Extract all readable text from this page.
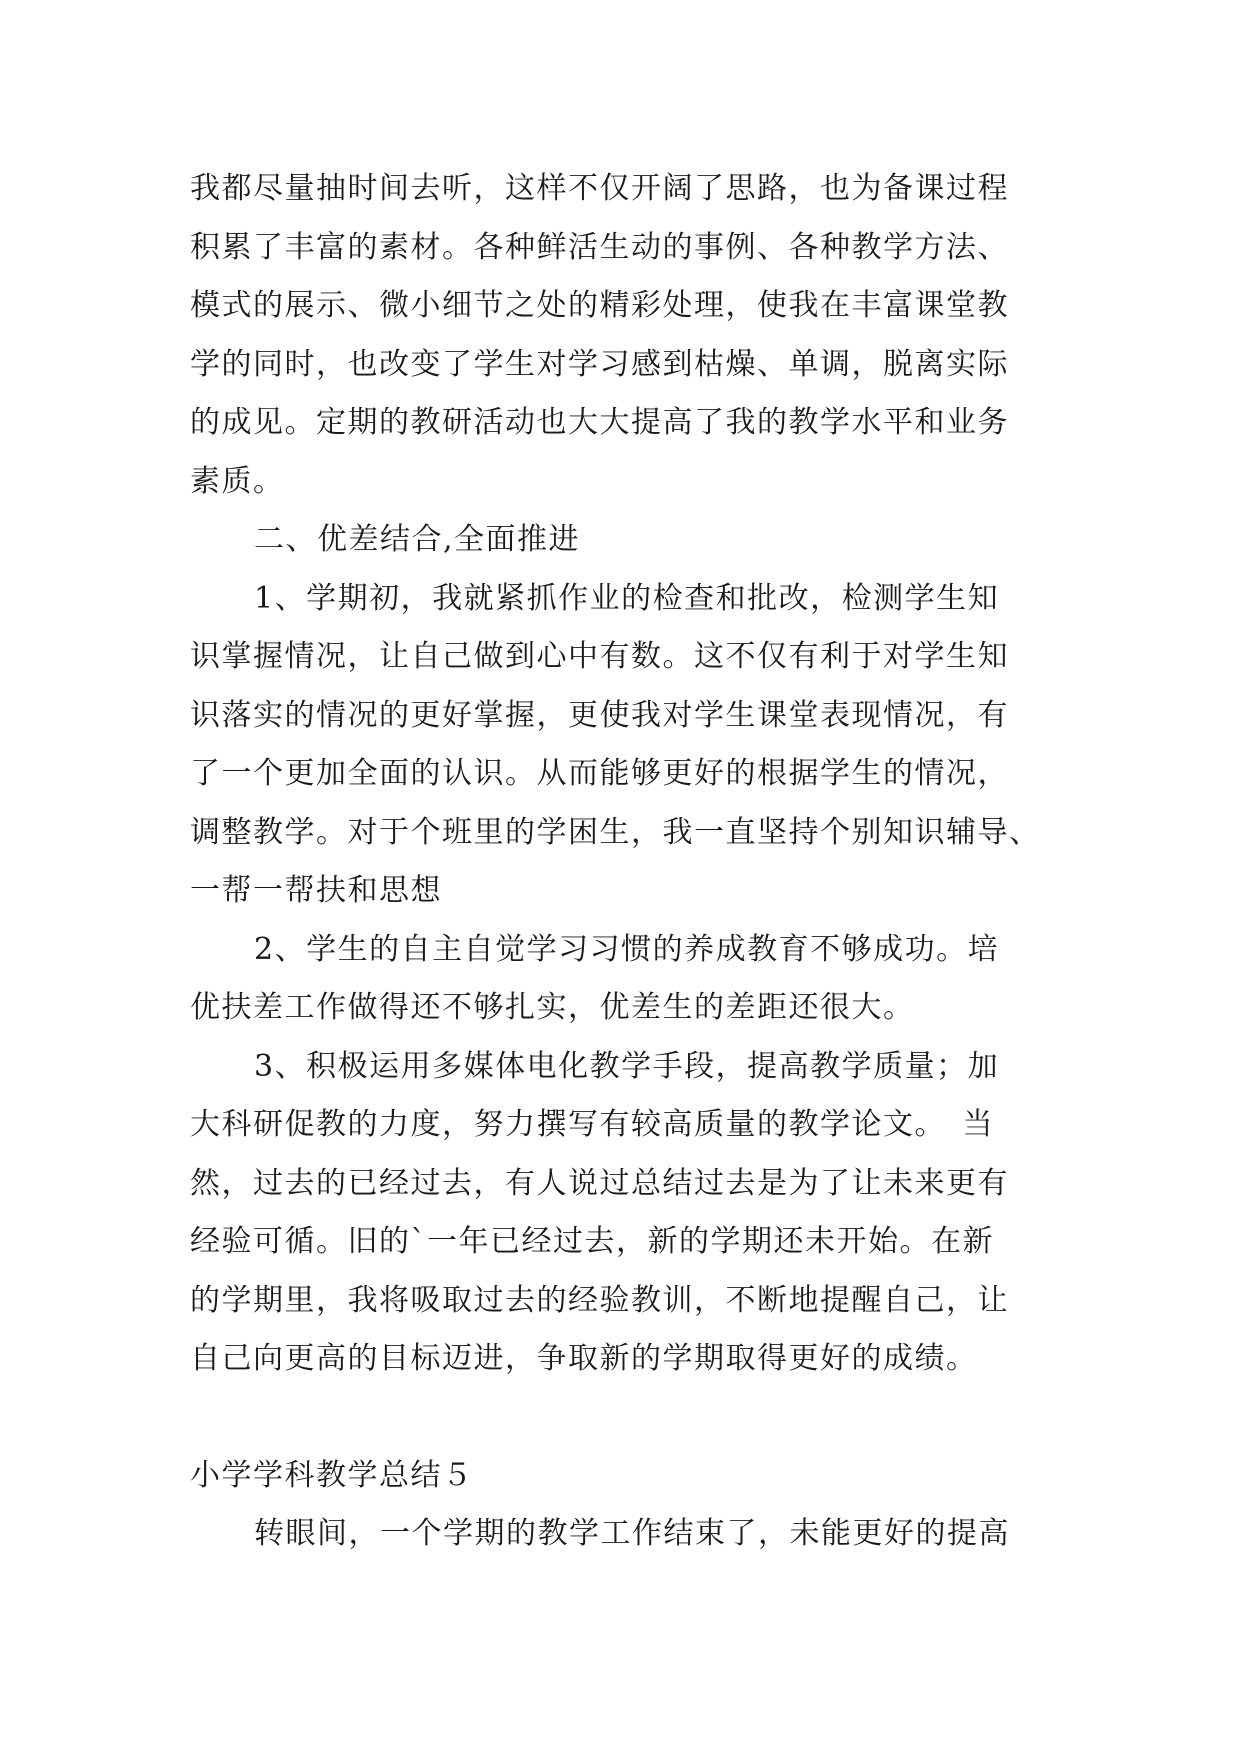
我都尽量抽时间去听，这样不仅开阔了思路，也为备课过程
积累了丰富的素材。各种鲜活生动的事例、各种教学方法、
模式的展示、微小细节之处的精彩处理，使我在丰富课堂教
学的同时，也改变了学生对学习感到枯燥、单调，脱离实际
的成见。定期的教研活动也大大提高了我的教学水平和业务
素质。
二、优差结合,全面推进
1、学期初，我就紧抓作业的检查和批改，检测学生知
识掌握情况，让自己做到心中有数。这不仅有利于对学生知
识落实的情况的更好掌握，更使我对学生课堂表现情况，有
了一个更加全面的认识。从而能够更好的根据学生的情况，
调整教学。对于个班里的学困生，我一直坚持个别知识辅导、
一帮一帮扶和思想
2、学生的自主自觉学习习惯的养成教育不够成功。培
优扶差工作做得还不够扎实，优差生的差距还很大。
3、积极运用多媒体电化教学手段，提高教学质量；加
大科研促教的力度，努力撰写有较高质量的教学论文。　当
然，过去的已经过去，有人说过总结过去是为了让未来更有
经验可循。旧的`一年已经过去，新的学期还未开始。在新
的学期里，我将吸取过去的经验教训，不断地提醒自己，让
自己向更高的目标迈进，争取新的学期取得更好的成绩。
小学学科教学总结５
转眼间，一个学期的教学工作结束了，未能更好的提高
